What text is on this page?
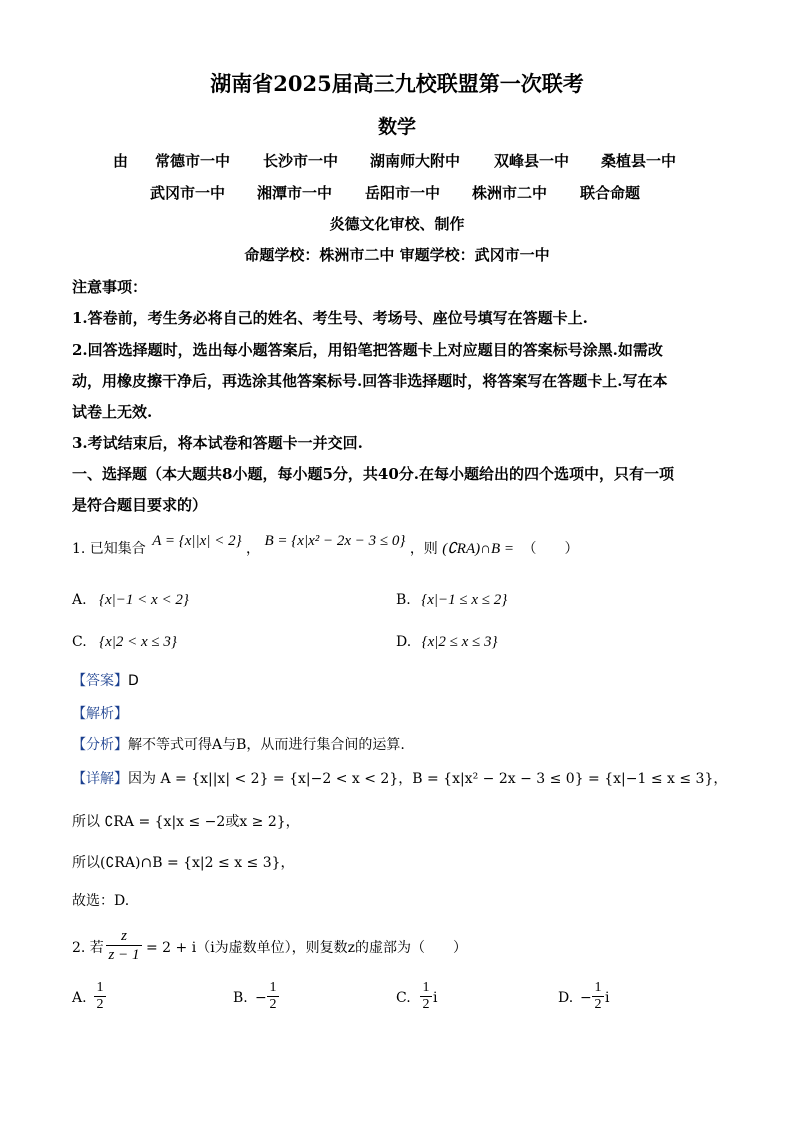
湖南省2025届高三九校联盟第一次联考
数学
由 常德市一中 长沙市一中 湖南师大附中 双峰县一中 桑植县一中
武冈市一中 湘潭市一中 岳阳市一中 株洲市二中 联合命题
炎德文化审校、制作
命题学校：株洲市二中 审题学校：武冈市一中
注意事项：
1.答卷前，考生务必将自己的姓名、考生号、考场号、座位号填写在答题卡上.
2.回答选择题时，选出每小题答案后，用铅笔把答题卡上对应题目的答案标号涂黑.如需改
动，用橡皮擦干净后，再选涂其他答案标号.回答非选择题时，将答案写在答题卡上.写在本
试卷上无效.
3.考试结束后，将本试卷和答题卡一并交回.
一、选择题（本大题共8小题，每小题5分，共40分.在每小题给出的四个选项中，只有一项
是符合题目要求的）
1. 已知集合 A = {x||x| < 2} ， B = {x|x² − 2x − 3 ≤ 0} ，则 (∁RA)∩B = （　　）
A. {x|−1 < x < 2}	B. {x|−1 ≤ x ≤ 2}
C. {x|2 < x ≤ 3}	D. {x|2 ≤ x ≤ 3}
【答案】D
【解析】
【分析】解不等式可得A与B，从而进行集合间的运算.
【详解】因为 A = {x||x| < 2} = {x|−2 < x < 2}，B = {x|x² − 2x − 3 ≤ 0} = {x|−1 ≤ x ≤ 3}，
所以 ∁RA = {x|x ≤ −2或x ≥ 2}，
所以(∁RA)∩B = {x|2 ≤ x ≤ 3}，
故选：D.
2. 若
z
z − 1 = 2 + i（i为虚数单位），则复数z的虚部为（　　）
A.
1
2	B. −
1
2	C.
1
2 i	D. −
1
2 i
